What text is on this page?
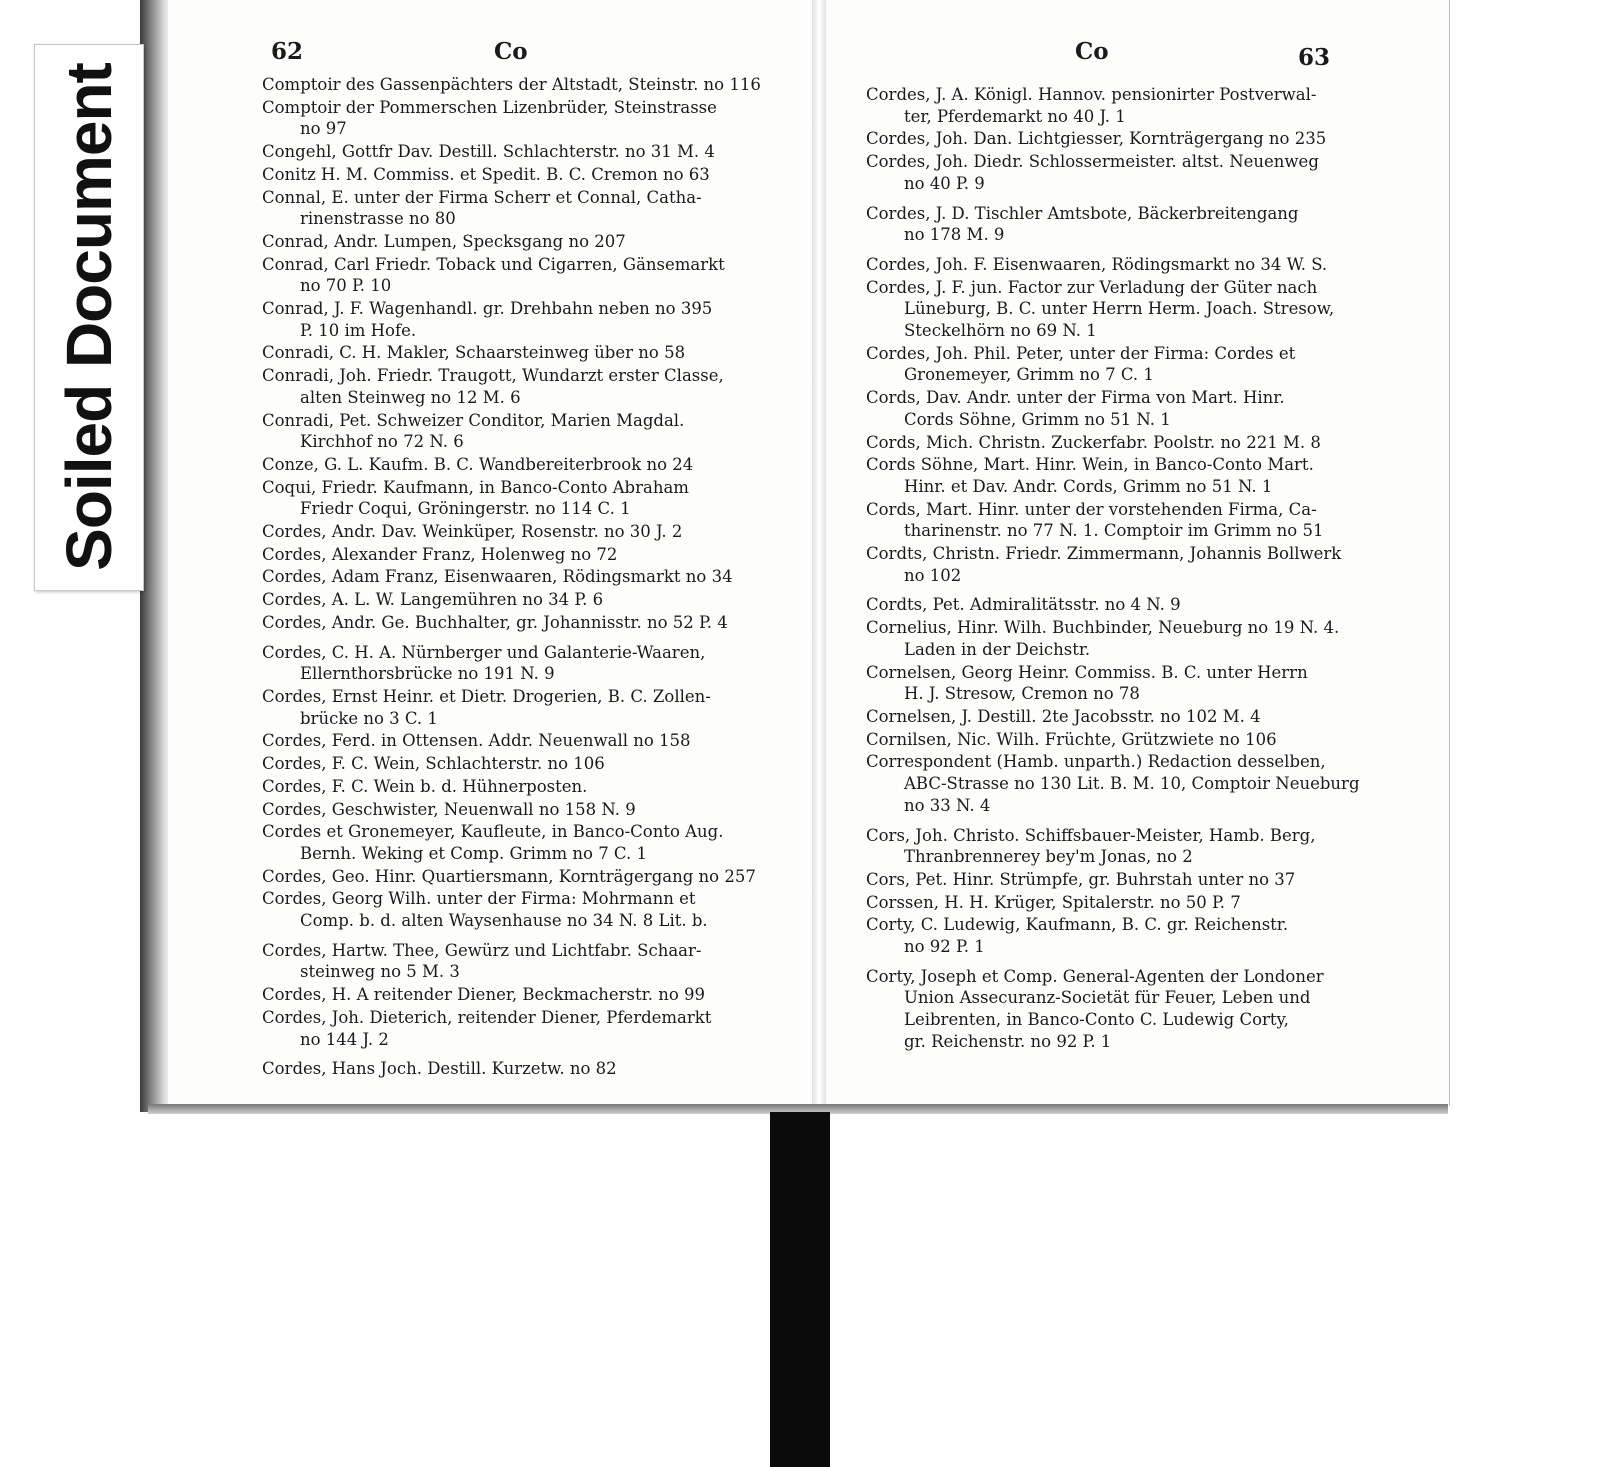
Soiled Document
62	Co	Co	63
Comptoir des Gassenpächters der Altstadt, Steinstr. no 116
Comptoir der Pommerschen Lizenbrüder, Steinstrasse
no 97
Congehl, Gottfr Dav. Destill. Schlachterstr. no 31 M. 4
Conitz H. M. Commiss. et Spedit. B. C. Cremon no 63
Connal, E. unter der Firma Scherr et Connal, Catha-
rinenstrasse no 80
Conrad, Andr. Lumpen, Specksgang no 207
Conrad, Carl Friedr. Toback und Cigarren, Gänsemarkt
no 70 P. 10
Conrad, J. F. Wagenhandl. gr. Drehbahn neben no 395
P. 10 im Hofe.
Conradi, C. H. Makler, Schaarsteinweg über no 58
Conradi, Joh. Friedr. Traugott, Wundarzt erster Classe,
alten Steinweg no 12 M. 6
Conradi, Pet. Schweizer Conditor, Marien Magdal.
Kirchhof no 72 N. 6
Conze, G. L. Kaufm. B. C. Wandbereiterbrook no 24
Coqui, Friedr. Kaufmann, in Banco-Conto Abraham
Friedr Coqui, Gröningerstr. no 114 C. 1
Cordes, Andr. Dav. Weinküper, Rosenstr. no 30 J. 2
Cordes, Alexander Franz, Holenweg no 72
Cordes, Adam Franz, Eisenwaaren, Rödingsmarkt no 34
Cordes, A. L. W. Langemühren no 34 P. 6
Cordes, Andr. Ge. Buchhalter, gr. Johannisstr. no 52 P. 4
Cordes, C. H. A. Nürnberger und Galanterie-Waaren,
Ellernthorsbrücke no 191 N. 9
Cordes, Ernst Heinr. et Dietr. Drogerien, B. C. Zollen-
brücke no 3 C. 1
Cordes, Ferd. in Ottensen. Addr. Neuenwall no 158
Cordes, F. C. Wein, Schlachterstr. no 106
Cordes, F. C. Wein b. d. Hühnerposten.
Cordes, Geschwister, Neuenwall no 158 N. 9
Cordes et Gronemeyer, Kaufleute, in Banco-Conto Aug.
Bernh. Weking et Comp. Grimm no 7 C. 1
Cordes, Geo. Hinr. Quartiersmann, Kornträgergang no 257
Cordes, Georg Wilh. unter der Firma: Mohrmann et
Comp. b. d. alten Waysenhause no 34 N. 8 Lit. b.
Cordes, Hartw. Thee, Gewürz und Lichtfabr. Schaar-
steinweg no 5 M. 3
Cordes, H. A reitender Diener, Beckmacherstr. no 99
Cordes, Joh. Dieterich, reitender Diener, Pferdemarkt
no 144 J. 2
Cordes, Hans Joch. Destill. Kurzetw. no 82
Cordes, J. A. Königl. Hannov. pensionirter Postverwal-
ter, Pferdemarkt no 40 J. 1
Cordes, Joh. Dan. Lichtgiesser, Kornträgergang no 235
Cordes, Joh. Diedr. Schlossermeister. altst. Neuenweg
no 40 P. 9
Cordes, J. D. Tischler Amtsbote, Bäckerbreitengang
no 178 M. 9
Cordes, Joh. F. Eisenwaaren, Rödingsmarkt no 34 W. S.
Cordes, J. F. jun. Factor zur Verladung der Güter nach
Lüneburg, B. C. unter Herrn Herm. Joach. Stresow,
Steckelhörn no 69 N. 1
Cordes, Joh. Phil. Peter, unter der Firma: Cordes et
Gronemeyer, Grimm no 7 C. 1
Cords, Dav. Andr. unter der Firma von Mart. Hinr.
Cords Söhne, Grimm no 51 N. 1
Cords, Mich. Christn. Zuckerfabr. Poolstr. no 221 M. 8
Cords Söhne, Mart. Hinr. Wein, in Banco-Conto Mart.
Hinr. et Dav. Andr. Cords, Grimm no 51 N. 1
Cords, Mart. Hinr. unter der vorstehenden Firma, Ca-
tharinenstr. no 77 N. 1. Comptoir im Grimm no 51
Cordts, Christn. Friedr. Zimmermann, Johannis Bollwerk
no 102
Cordts, Pet. Admiralitätsstr. no 4 N. 9
Cornelius, Hinr. Wilh. Buchbinder, Neueburg no 19 N. 4.
Laden in der Deichstr.
Cornelsen, Georg Heinr. Commiss. B. C. unter Herrn
H. J. Stresow, Cremon no 78
Cornelsen, J. Destill. 2te Jacobsstr. no 102 M. 4
Cornilsen, Nic. Wilh. Früchte, Grützwiete no 106
Correspondent (Hamb. unparth.) Redaction desselben,
ABC-Strasse no 130 Lit. B. M. 10, Comptoir Neueburg
no 33 N. 4
Cors, Joh. Christo. Schiffsbauer-Meister, Hamb. Berg,
Thranbrennerey bey'm Jonas, no 2
Cors, Pet. Hinr. Strümpfe, gr. Buhrstah unter no 37
Corssen, H. H. Krüger, Spitalerstr. no 50 P. 7
Corty, C. Ludewig, Kaufmann, B. C. gr. Reichenstr.
no 92 P. 1
Corty, Joseph et Comp. General-Agenten der Londoner
Union Assecuranz-Societät für Feuer, Leben und
Leibrenten, in Banco-Conto C. Ludewig Corty,
gr. Reichenstr. no 92 P. 1
